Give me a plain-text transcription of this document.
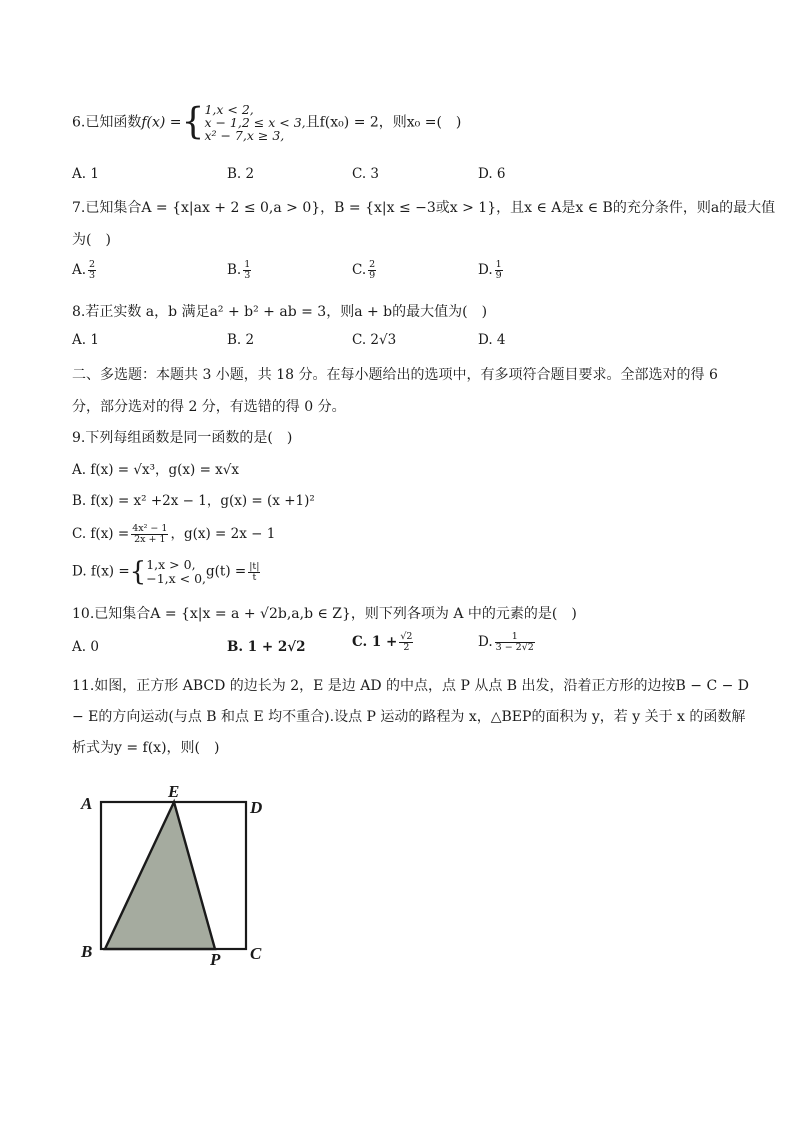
6.已知函数f(x) ={ 1,x < 2,
x − 1,2 ≤ x < 3,
x² − 7,x ≥ 3,
且f(x₀) = 2，则x₀ =(　)
A. 1	B. 2	C. 3	D. 6
7.已知集合A = {x|ax + 2 ≤ 0,a > 0}，B = {x|x ≤ −3或x > 1}，且x ∈ A是x ∈ B的充分条件，则a的最大值
为(　)
A. $\frac{2}{3}$	B. $\frac{1}{3}$	C. $\frac{2}{9}$	D. $\frac{1}{9}$
8.若正实数 a，b 满足a² + b² + ab = 3，则a + b的最大值为(　)
A. 1	B. 2	C. 2√3	D. 4
二、多选题：本题共 3 小题，共 18 分。在每小题给出的选项中，有多项符合题目要求。全部选对的得 6
分，部分选对的得 2 分，有选错的得 0 分。
9.下列每组函数是同一函数的是(　)
A. f(x) = √x³，g(x) = x√x
B. f(x) = x² +2x − 1，g(x) = (x +1)²
C. $f(x) = \frac{\text{4x² − 1}}{2x + 1}$ ，g(x) = 2x − 1
D. f(x) ={ 1,x > 0,
−1,x < 0, $g(t) = \frac{|t|}{t}$
10.已知集合A = {x|x = a + √2b,a,b ∈ Z}，则下列各项为 A 中的元素的是(　)
A. 0	B. 1 + 2√2	C. $1 + \frac{√2}{2}$	D. $\frac{1}{3 - 2√2}$
11.如图，正方形 ABCD 的边长为 2，E 是边 AD 的中点，点 P 从点 B 出发，沿着正方形的边按B − C − D
− E的方向运动(与点 B 和点 E 均不重合).设点 P 运动的路程为 x，△BEP的面积为 y，若 y 关于 x 的函数解
析式为y = f(x)，则(　)
A
E
D
B	P C
